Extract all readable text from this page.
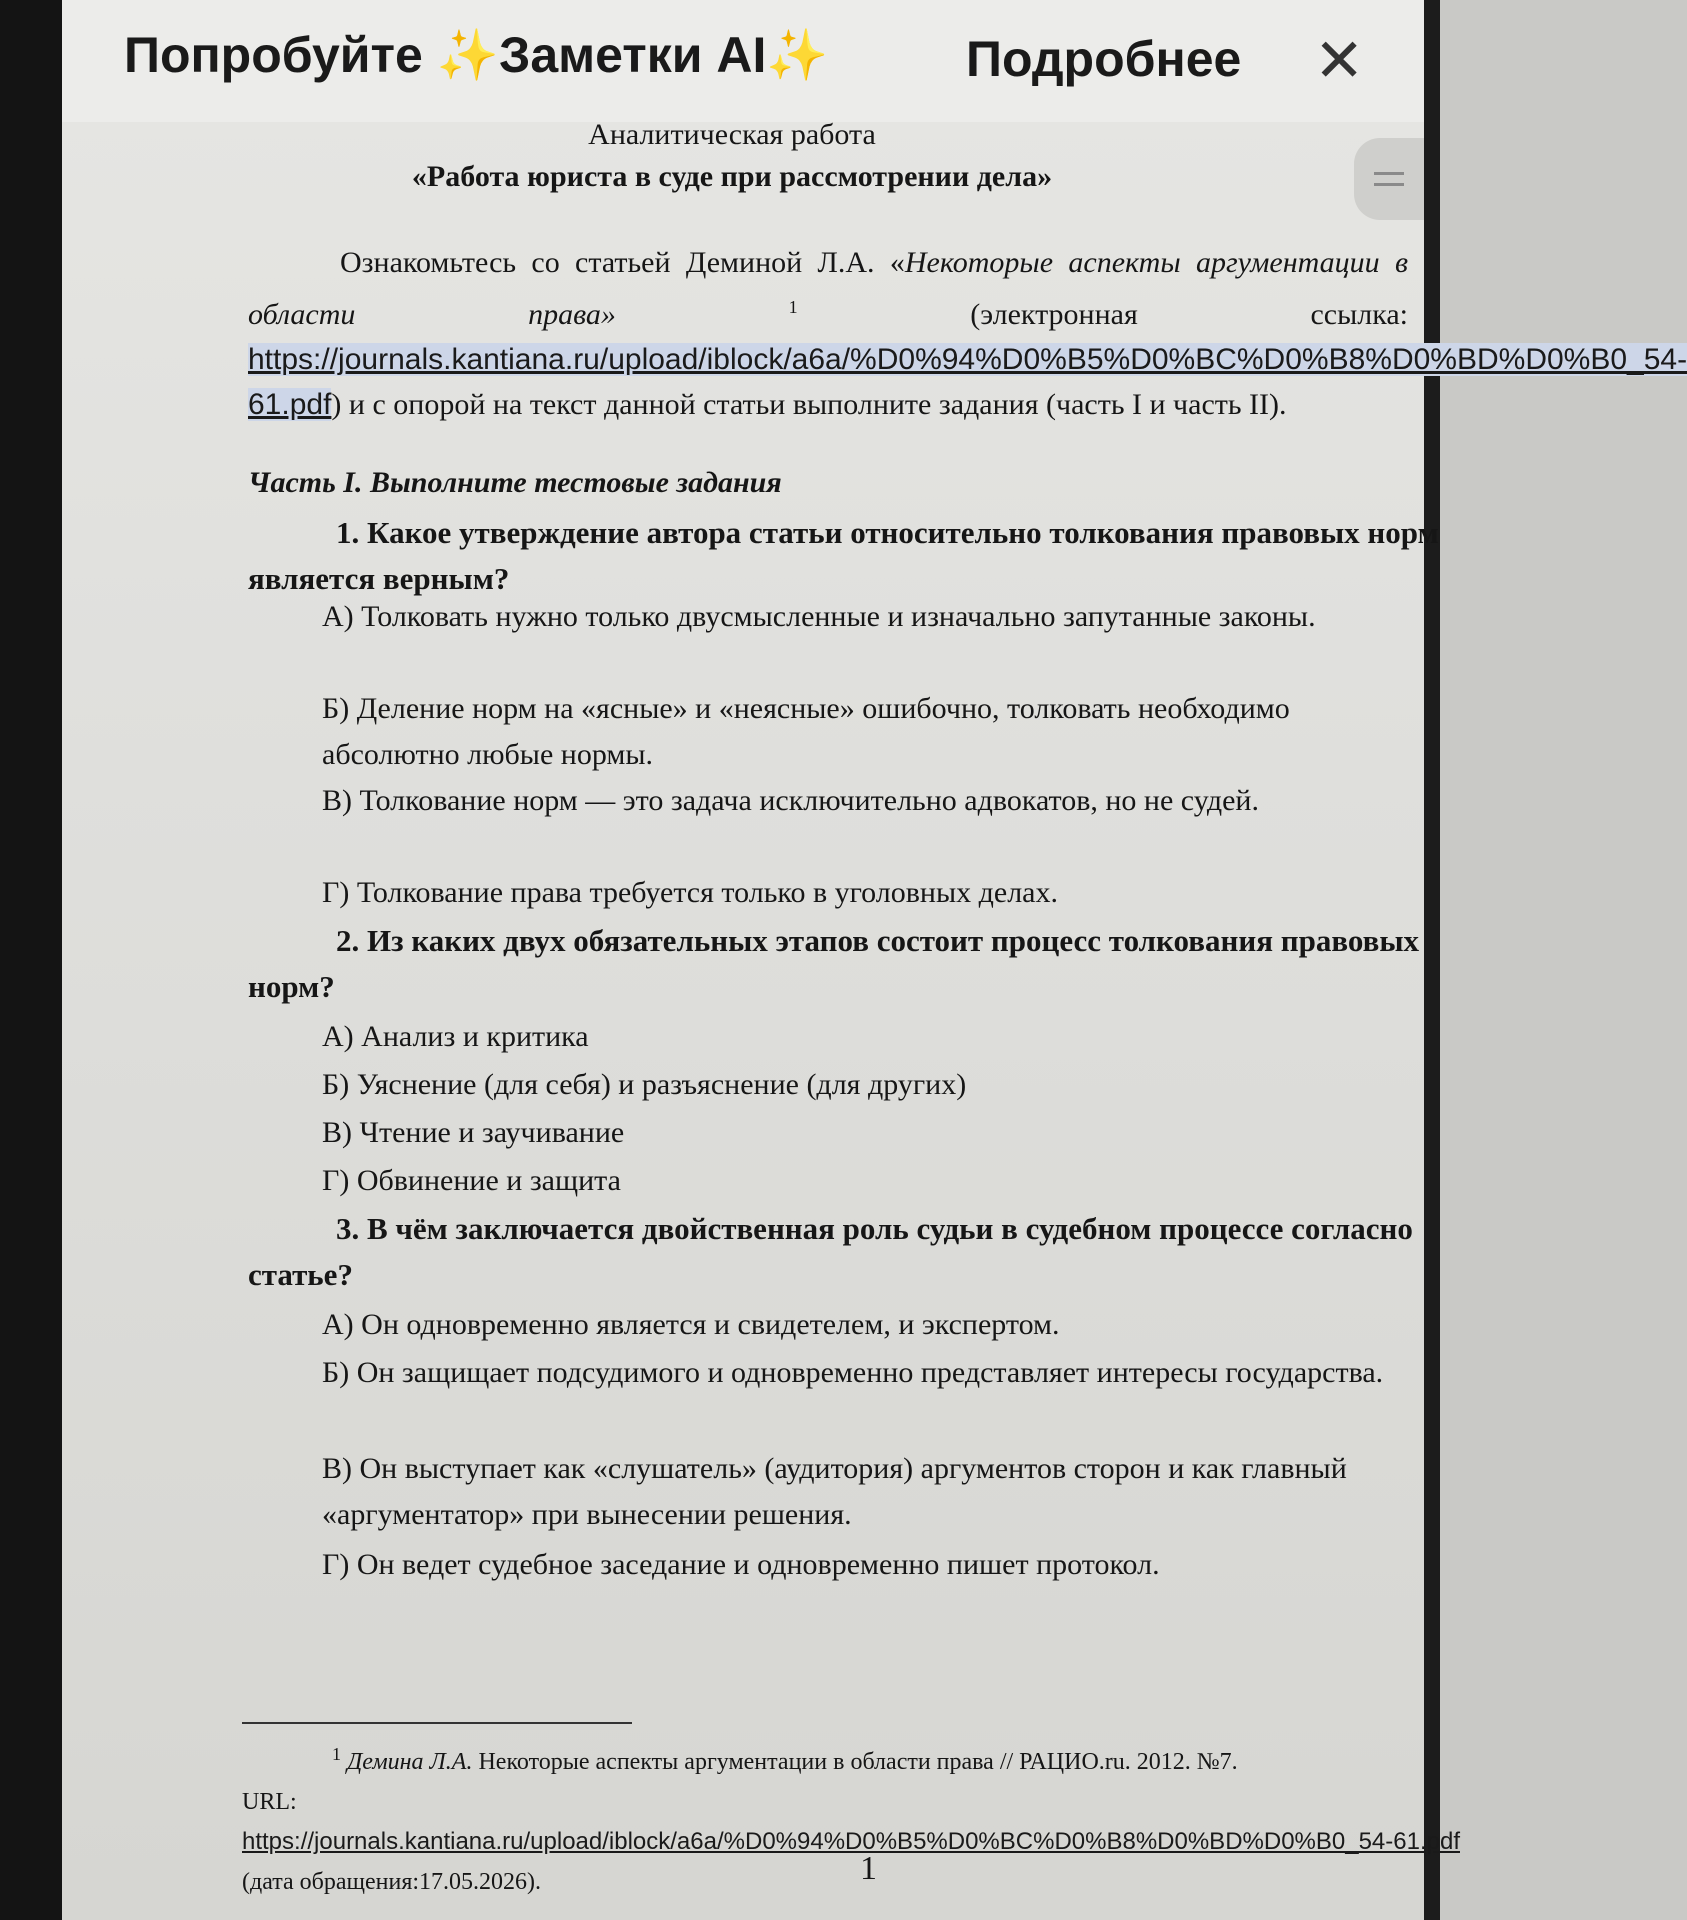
Попробуйте ✨Заметки AI✨	Подробнее ✕
Аналитическая работа
«Работа юриста в суде при рассмотрении дела»
Ознакомьтесь со статьей Деминой Л.А. «Некоторые аспекты аргументации в области права»	$^1$ (электронная ссылка: https://journals.kantiana.ru/upload/iblock/a6a/%D0%94%D0%B5%D0%BC%D0%B8%D0%BD%D0%B0_54-61.pdf) и с опорой на текст данной статьи выполните задания (часть I и часть II).
Часть I. Выполните тестовые задания
1. Какое утверждение автора статьи относительно толкования правовых норм является верным?
А) Толковать нужно только двусмысленные и изначально запутанные законы.
Б) Деление норм на «ясные» и «неясные» ошибочно, толковать необходимо абсолютно любые нормы.
В) Толкование норм — это задача исключительно адвокатов, но не судей.
Г) Толкование права требуется только в уголовных делах.
2. Из каких двух обязательных этапов состоит процесс толкования правовых норм?
А) Анализ и критика
Б) Уяснение (для себя) и разъяснение (для других)
В) Чтение и заучивание
Г) Обвинение и защита
3. В чём заключается двойственная роль судьи в судебном процессе согласно статье?
А) Он одновременно является и свидетелем, и экспертом.
Б) Он защищает подсудимого и одновременно представляет интересы государства.
В) Он выступает как «слушатель» (аудитория) аргументов сторон и как главный «аргументатор» при вынесении решения.
Г) Он ведет судебное заседание и одновременно пишет протокол.
$^1$ Демина Л.А. Некоторые аспекты аргументации в области права // РАЦИО.ru. 2012. №7.
URL:
https://journals.kantiana.ru/upload/iblock/a6a/%D0%94%D0%B5%D0%BC%D0%B8%D0%BD%D0%B0_54-61.pdf (дата обращения:17.05.2026).	1
